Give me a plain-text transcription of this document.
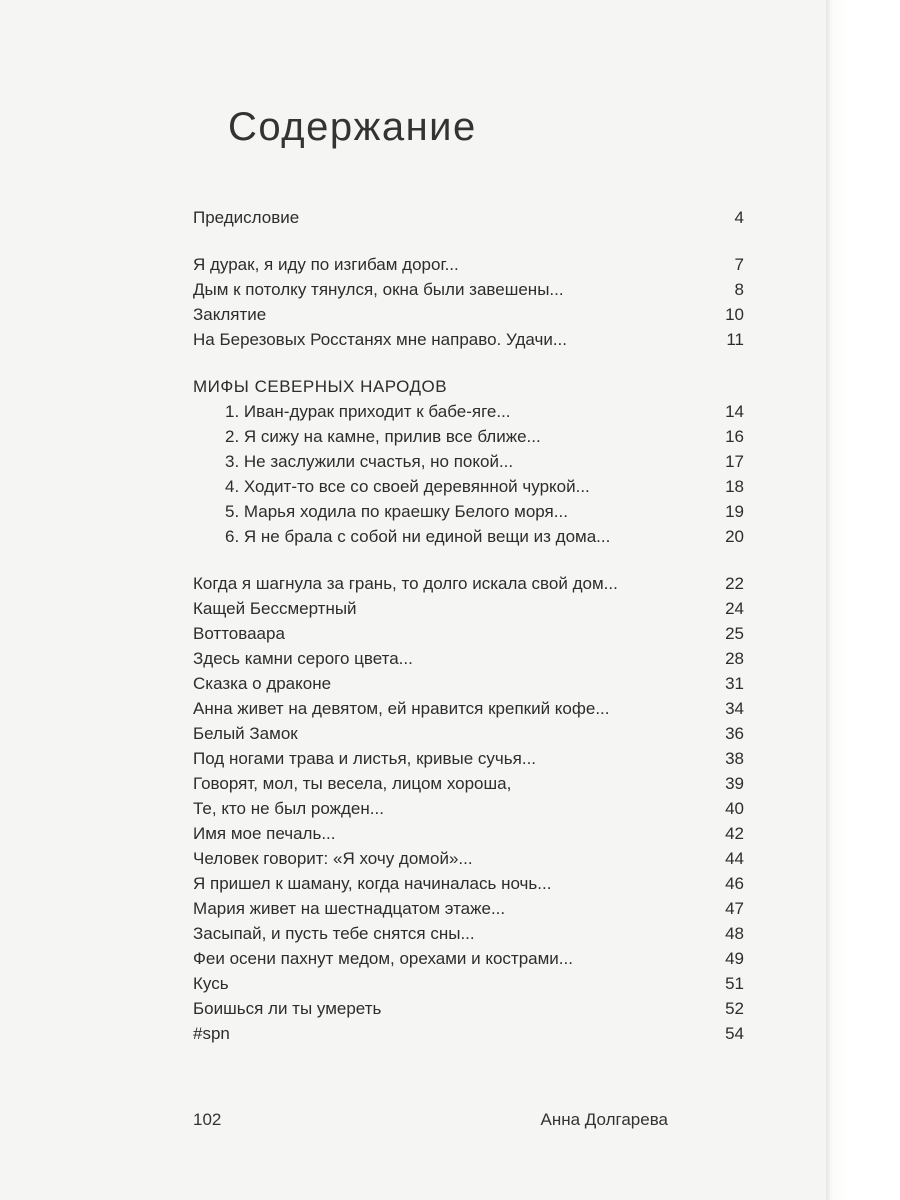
Содержание
Предисловие	4
Я дурак, я иду по изгибам дорог...	7
Дым к потолку тянулся, окна были завешены...	8
Заклятие	10
На Березовых Росстанях мне направо. Удачи...	11
МИФЫ СЕВЕРНЫХ НАРОДОВ
1. Иван-дурак приходит к бабе-яге...	14
2. Я сижу на камне, прилив все ближе...	16
3. Не заслужили счастья, но покой...	17
4. Ходит-то все со своей деревянной чуркой...	18
5. Марья ходила по краешку Белого моря...	19
6. Я не брала с собой ни единой вещи из дома...	20
Когда я шагнула за грань, то долго искала свой дом...	22
Кащей Бессмертный	24
Воттоваара	25
Здесь камни серого цвета...	28
Сказка о драконе	31
Анна живет на девятом, ей нравится крепкий кофе...	34
Белый Замок	36
Под ногами трава и листья, кривые сучья...	38
Говорят, мол, ты весела, лицом хороша,	39
Те, кто не был рожден...	40
Имя мое печаль...	42
Человек говорит: «Я хочу домой»...	44
Я пришел к шаману, когда начиналась ночь...	46
Мария живет на шестнадцатом этаже...	47
Засыпай, и пусть тебе снятся сны...	48
Феи осени пахнут медом, орехами и кострами...	49
Кусь	51
Боишься ли ты умереть	52
#spn	54
102	Анна Долгарева
